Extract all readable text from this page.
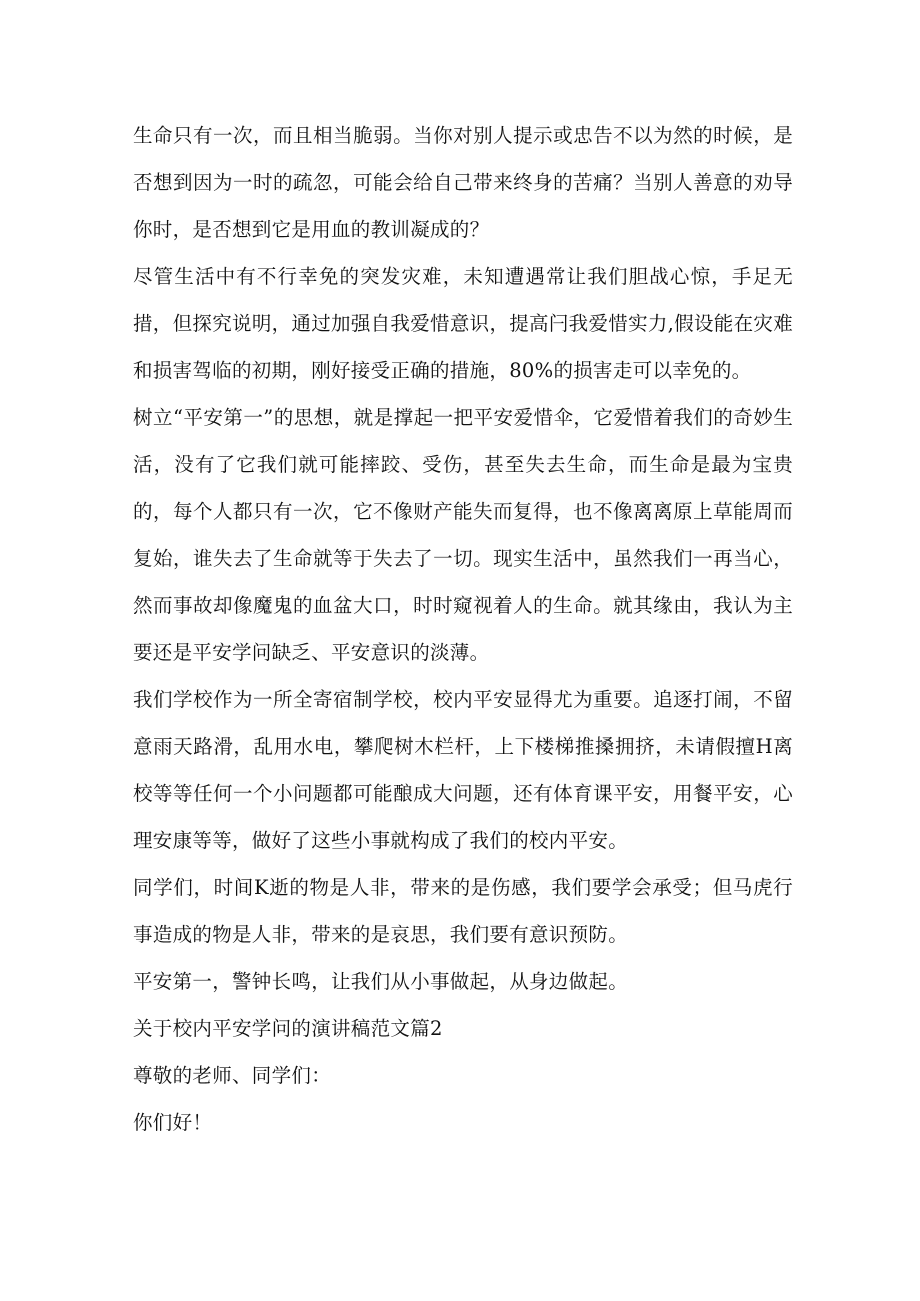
生命只有一次，而且相当脆弱。当你对别人提示或忠告不以为然的时候，是否想到因为一时的疏忽，可能会给自己带来终身的苦痛？当别人善意的劝导你时，是否想到它是用血的教训凝成的？

尽管生活中有不行幸免的突发灾难，未知遭遇常让我们胆战心惊，手足无措，但探究说明，通过加强自我爱惜意识，提高闩我爱惜实力,假设能在灾难和损害驾临的初期，刚好接受正确的措施，80%的损害走可以幸免的。

树立“平安第一”的思想，就是撑起一把平安爱惜伞，它爱惜着我们的奇妙生活，没有了它我们就可能摔跤、受伤，甚至失去生命，而生命是最为宝贵的，每个人都只有一次，它不像财产能失而复得，也不像离离原上草能周而复始，谁失去了生命就等于失去了一切。现实生活中，虽然我们一再当心，然而事故却像魔鬼的血盆大口，时时窥视着人的生命。就其缘由，我认为主要还是平安学问缺乏、平安意识的淡薄。

我们学校作为一所全寄宿制学校，校内平安显得尤为重要。追逐打闹，不留意雨天路滑，乱用水电，攀爬树木栏杆，上下楼梯推搡拥挤，未请假擅H离校等等任何一个小问题都可能酿成大问题，还有体育课平安，用餐平安，心理安康等等，做好了这些小事就构成了我们的校内平安。

同学们，时间K逝的物是人非，带来的是伤感，我们要学会承受；但马虎行事造成的物是人非，带来的是哀思，我们要有意识预防。

平安第一，警钟长鸣，让我们从小事做起，从身边做起。

关于校内平安学问的演讲稿范文篇2

尊敬的老师、同学们：

你们好！
